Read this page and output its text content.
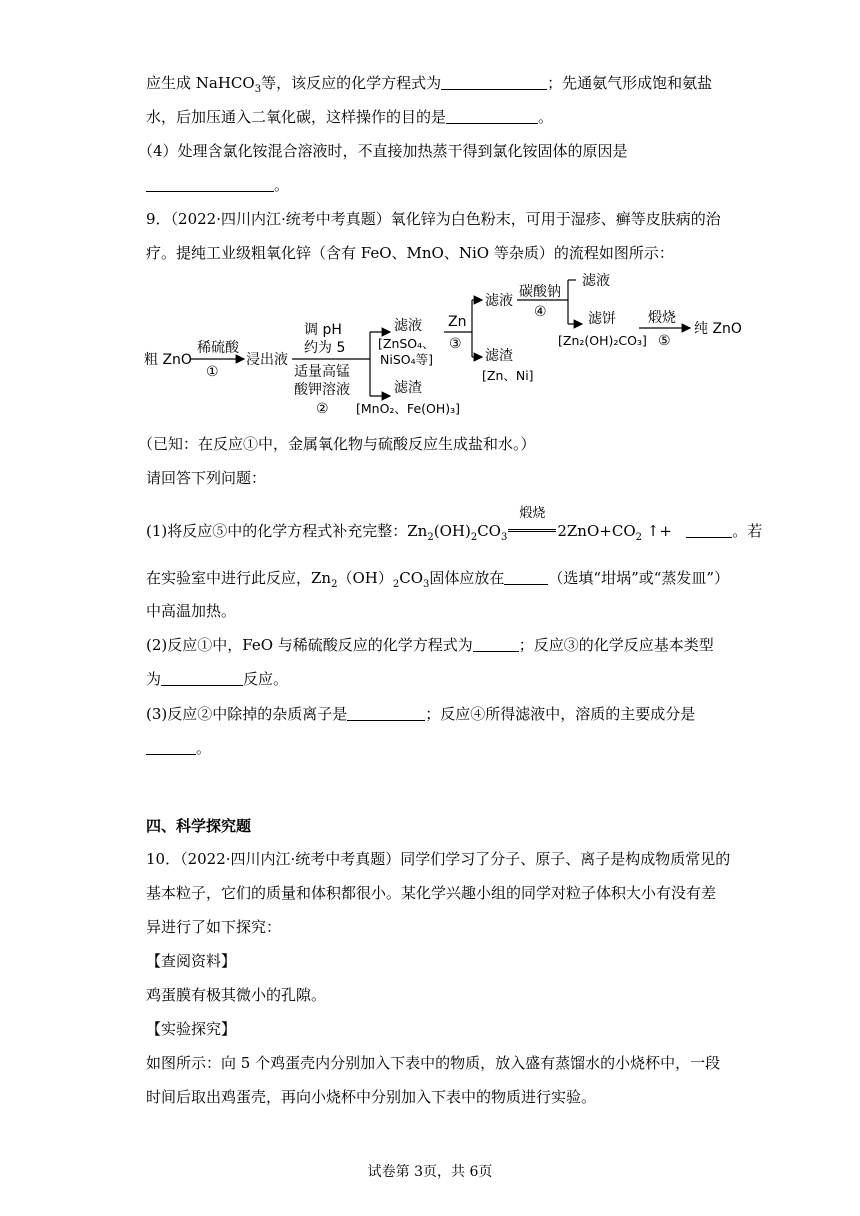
应生成 NaHCO$_3$等，该反应的化学方程式为	；先通氨气形成饱和氨盐
水，后加压通入二氧化碳，这样操作的目的是	。
（4）处理含氯化铵混合溶液时，不直接加热蒸干得到氯化铵固体的原因是
。
9．（2022·四川内江·统考中考真题）氧化锌为白色粉末，可用于湿疹、癣等皮肤病的治
疗。提纯工业级粗氧化锌（含有 FeO、MnO、NiO 等杂质）的流程如图所示：
粗 ZnO
稀硫酸
①
浸出液
调 pH
约为 5
适量高锰
酸钾溶液
②
滤液
[ZnSO₄、
NiSO₄等]
滤渣
[MnO₂、Fe(OH)₃]
Zn
③
滤液
滤渣
[Zn、Ni]
碳酸钠
④
滤液
滤饼
[Zn₂(OH)₂CO₃]
煅烧
⑤
纯 ZnO
（已知：在反应①中，金属氧化物与硫酸反应生成盐和水。）
请回答下列问题：
(1)将反应⑤中的化学方程式补充完整：$Zn_2(OH)_2CO_3$
煅烧
$2ZnO+CO_2$ ↑+	。若
在实验室中进行此反应，$Zn_2(OH)_2CO_3$固体应放在	（选填“坩埚”或“蒸发皿”）
中高温加热。
(2)反应①中，FeO 与稀硫酸反应的化学方程式为	；反应③的化学反应基本类型
为	反应。
(3)反应②中除掉的杂质离子是	；反应④所得滤液中，溶质的主要成分是
。
四、科学探究题
10．（2022·四川内江·统考中考真题）同学们学习了分子、原子、离子是构成物质常见的
基本粒子，它们的质量和体积都很小。某化学兴趣小组的同学对粒子体积大小有没有差
异进行了如下探究：
【查阅资料】
鸡蛋膜有极其微小的孔隙。
【实验探究】
如图所示：向 5 个鸡蛋壳内分别加入下表中的物质，放入盛有蒸馏水的小烧杯中，一段
时间后取出鸡蛋壳，再向小烧杯中分别加入下表中的物质进行实验。
试卷第 3页，共 6页
